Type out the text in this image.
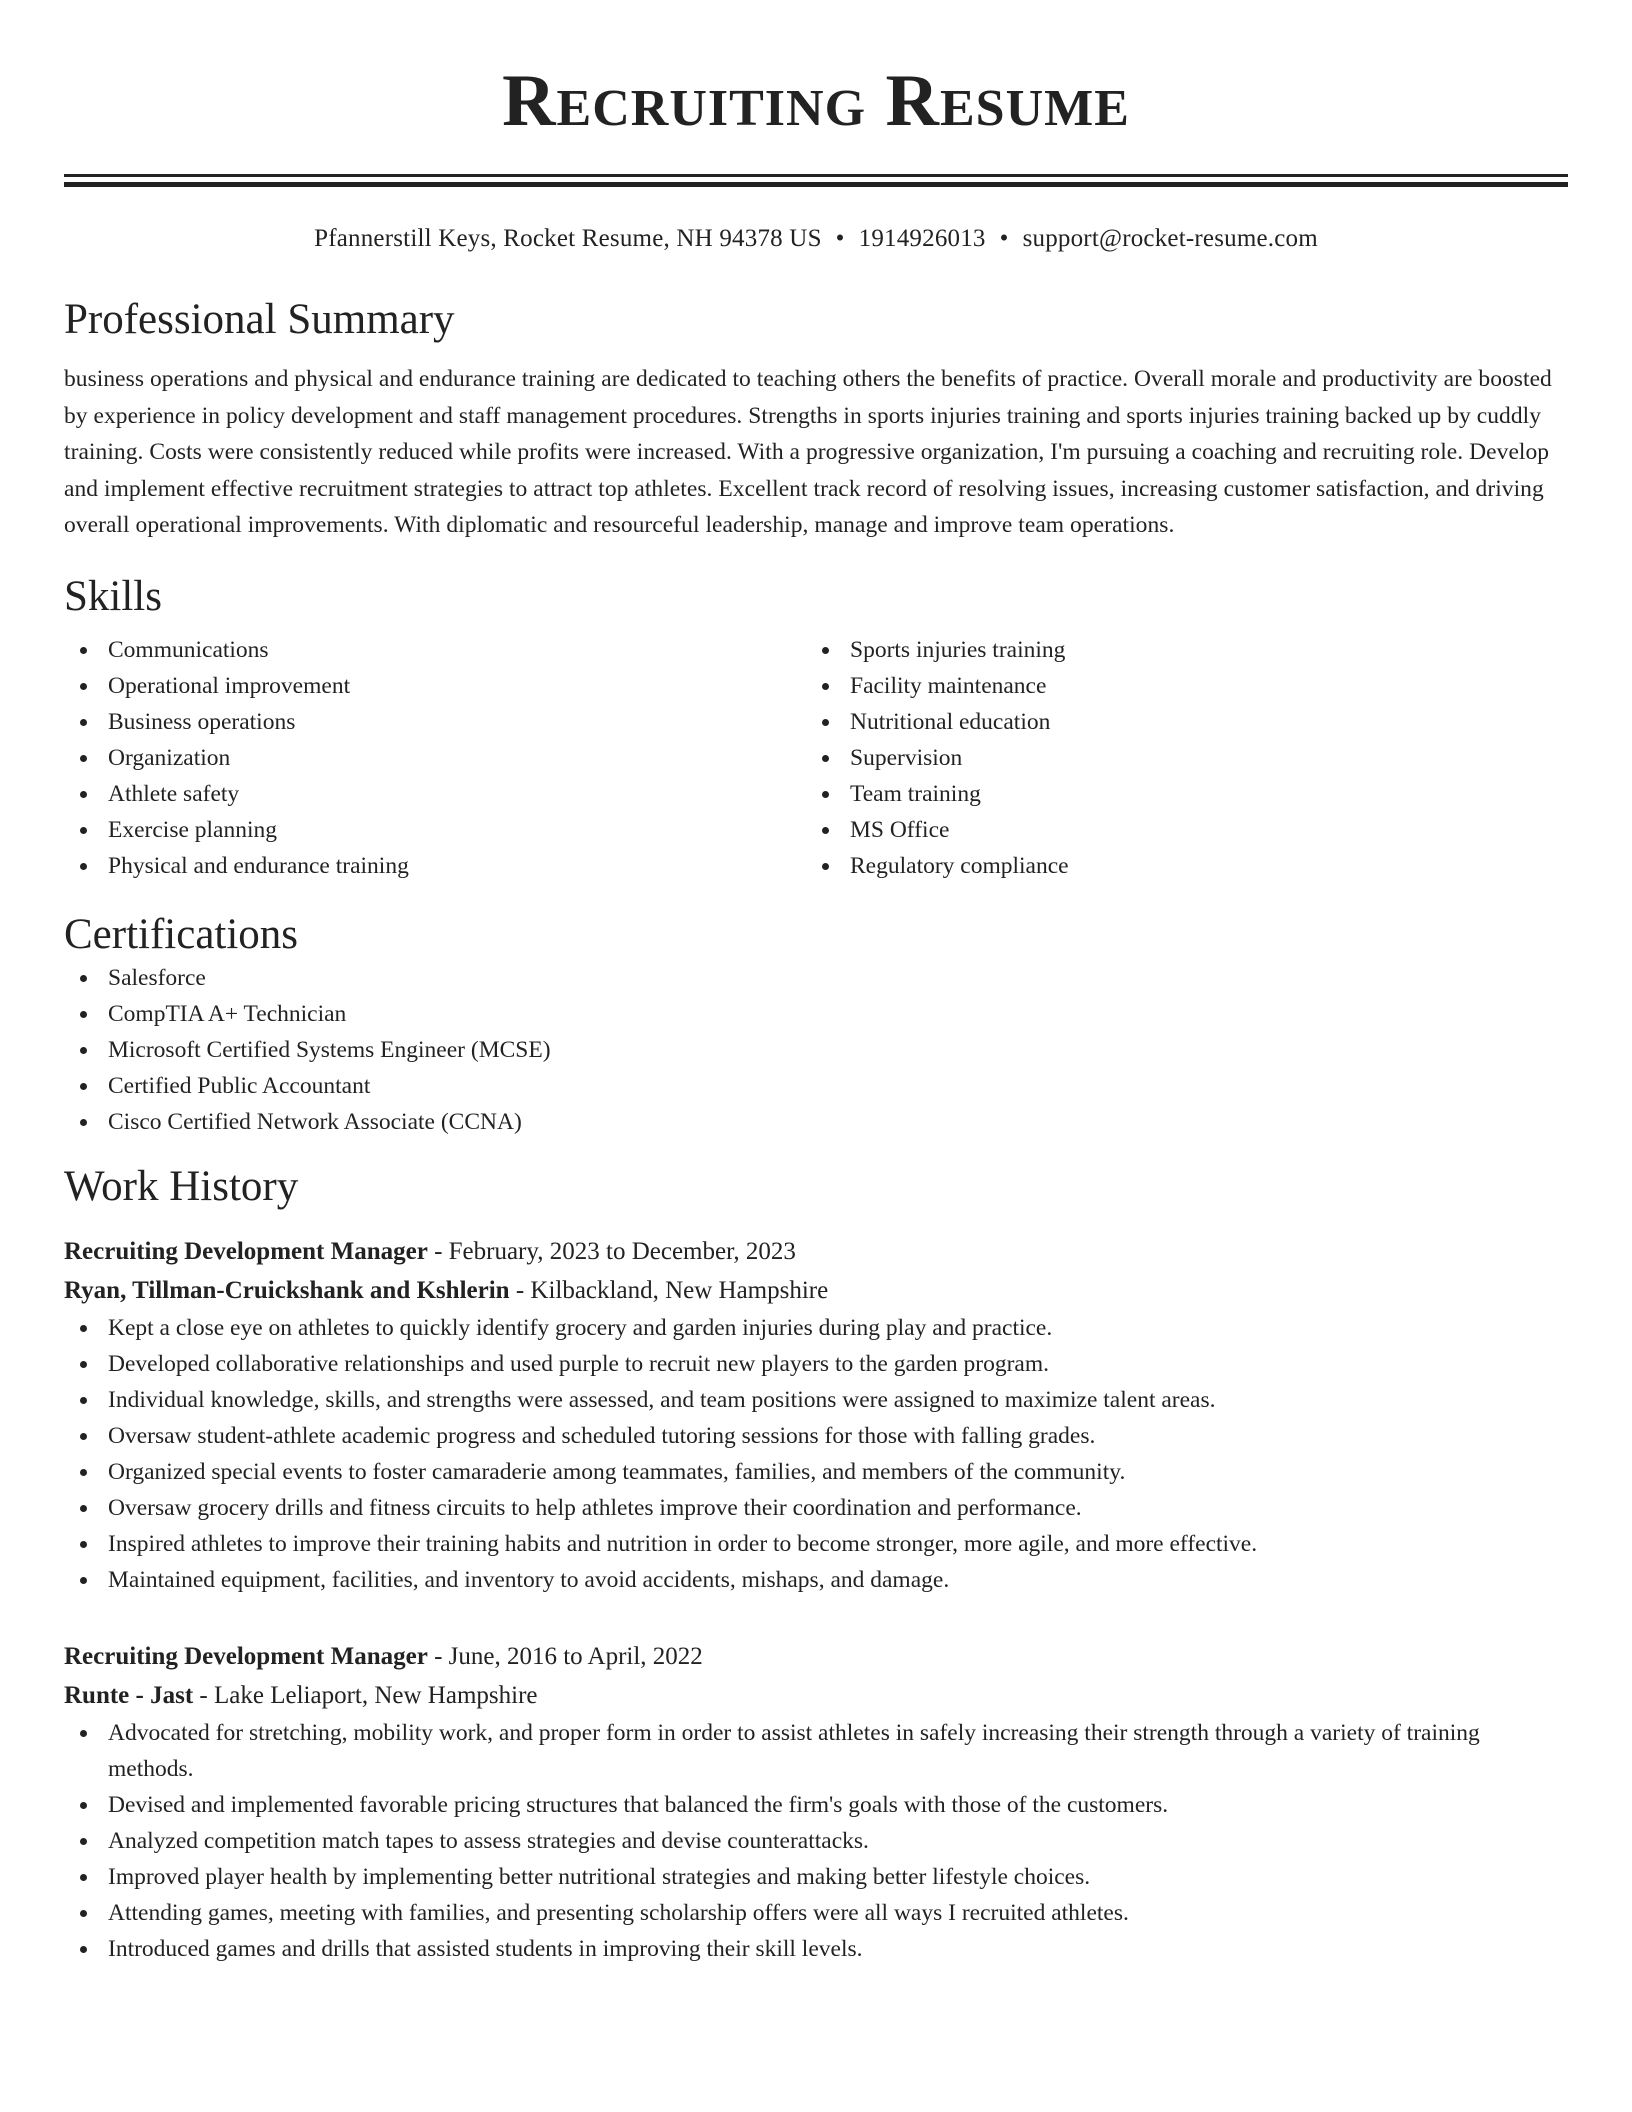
Recruiting Resume
Pfannerstill Keys, Rocket Resume, NH 94378 US • 1914926013 • support@rocket-resume.com
Professional Summary

business operations and physical and endurance training are dedicated to teaching others the benefits of practice. Overall morale and productivity are boosted by experience in policy development and staff management procedures. Strengths in sports injuries training and sports injuries training backed up by cuddly training. Costs were consistently reduced while profits were increased. With a progressive organization, I'm pursuing a coaching and recruiting role. Develop and implement effective recruitment strategies to attract top athletes. Excellent track record of resolving issues, increasing customer satisfaction, and driving overall operational improvements. With diplomatic and resourceful leadership, manage and improve team operations.

Skills
Communications
Operational improvement
Business operations
Organization
Athlete safety
Exercise planning
Physical and endurance training
Sports injuries training
Facility maintenance
Nutritional education
Supervision
Team training
MS Office
Regulatory compliance
Certifications
Salesforce
CompTIA A+ Technician
Microsoft Certified Systems Engineer (MCSE)
Certified Public Accountant
Cisco Certified Network Associate (CCNA)
Work History
Recruiting Development Manager - February, 2023 to December, 2023
Ryan, Tillman-Cruickshank and Kshlerin - Kilbackland, New Hampshire
Kept a close eye on athletes to quickly identify grocery and garden injuries during play and practice.
Developed collaborative relationships and used purple to recruit new players to the garden program.
Individual knowledge, skills, and strengths were assessed, and team positions were assigned to maximize talent areas.
Oversaw student-athlete academic progress and scheduled tutoring sessions for those with falling grades.
Organized special events to foster camaraderie among teammates, families, and members of the community.
Oversaw grocery drills and fitness circuits to help athletes improve their coordination and performance.
Inspired athletes to improve their training habits and nutrition in order to become stronger, more agile, and more effective.
Maintained equipment, facilities, and inventory to avoid accidents, mishaps, and damage.
Recruiting Development Manager - June, 2016 to April, 2022
Runte - Jast - Lake Leliaport, New Hampshire
Advocated for stretching, mobility work, and proper form in order to assist athletes in safely increasing their strength through a variety of training methods.
Devised and implemented favorable pricing structures that balanced the firm's goals with those of the customers.
Analyzed competition match tapes to assess strategies and devise counterattacks.
Improved player health by implementing better nutritional strategies and making better lifestyle choices.
Attending games, meeting with families, and presenting scholarship offers were all ways I recruited athletes.
Introduced games and drills that assisted students in improving their skill levels.
